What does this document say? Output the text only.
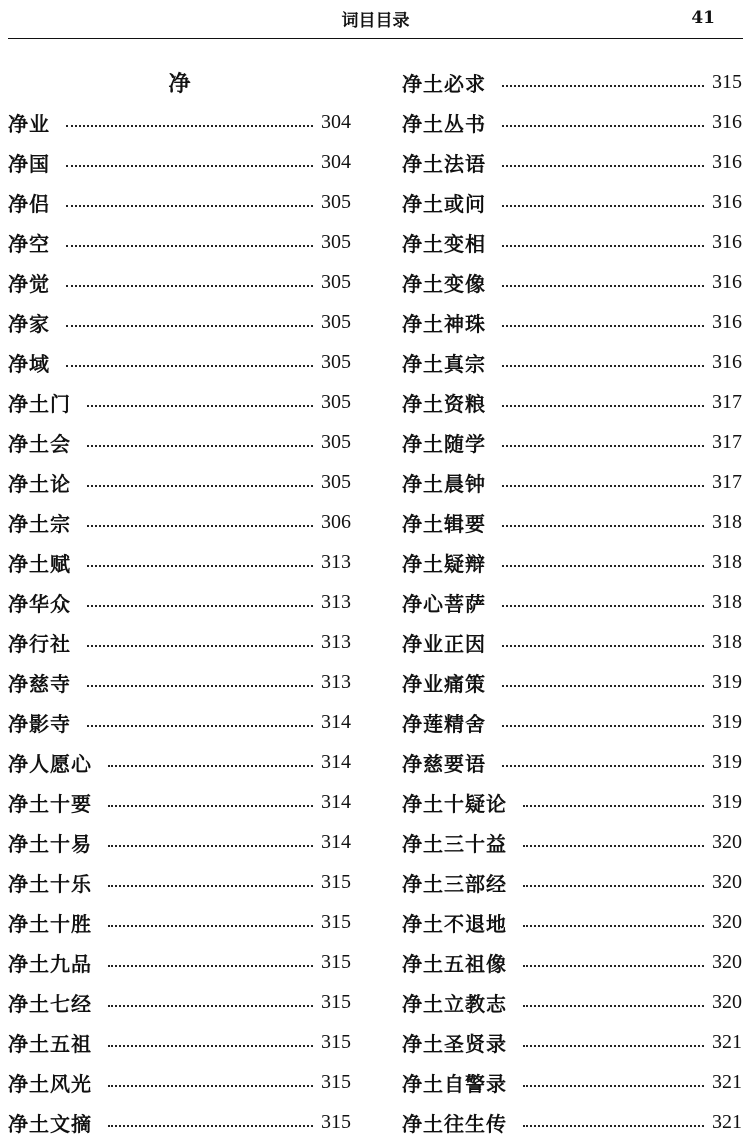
词目目录	41
净
净业	304
净国	304
净侣	305
净空	305
净觉	305
净家	305
净域	305
净土门	305
净土会	305
净土论	305
净土宗	306
净土赋	313
净华众	313
净行社	313
净慈寺	313
净影寺	314
净人愿心	314
净土十要	314
净土十易	314
净土十乐	315
净土十胜	315
净土九品	315
净土七经	315
净土五祖	315
净土风光	315
净土文摘	315
净土必求	315
净土丛书	316
净土法语	316
净土或问	316
净土变相	316
净土变像	316
净土神珠	316
净土真宗	316
净土资粮	317
净土随学	317
净土晨钟	317
净土辑要	318
净土疑辩	318
净心菩萨	318
净业正因	318
净业痛策	319
净莲精舍	319
净慈要语	319
净土十疑论	319
净土三十益	320
净土三部经	320
净土不退地	320
净土五祖像	320
净土立教志	320
净土圣贤录	321
净土自警录	321
净土往生传	321
